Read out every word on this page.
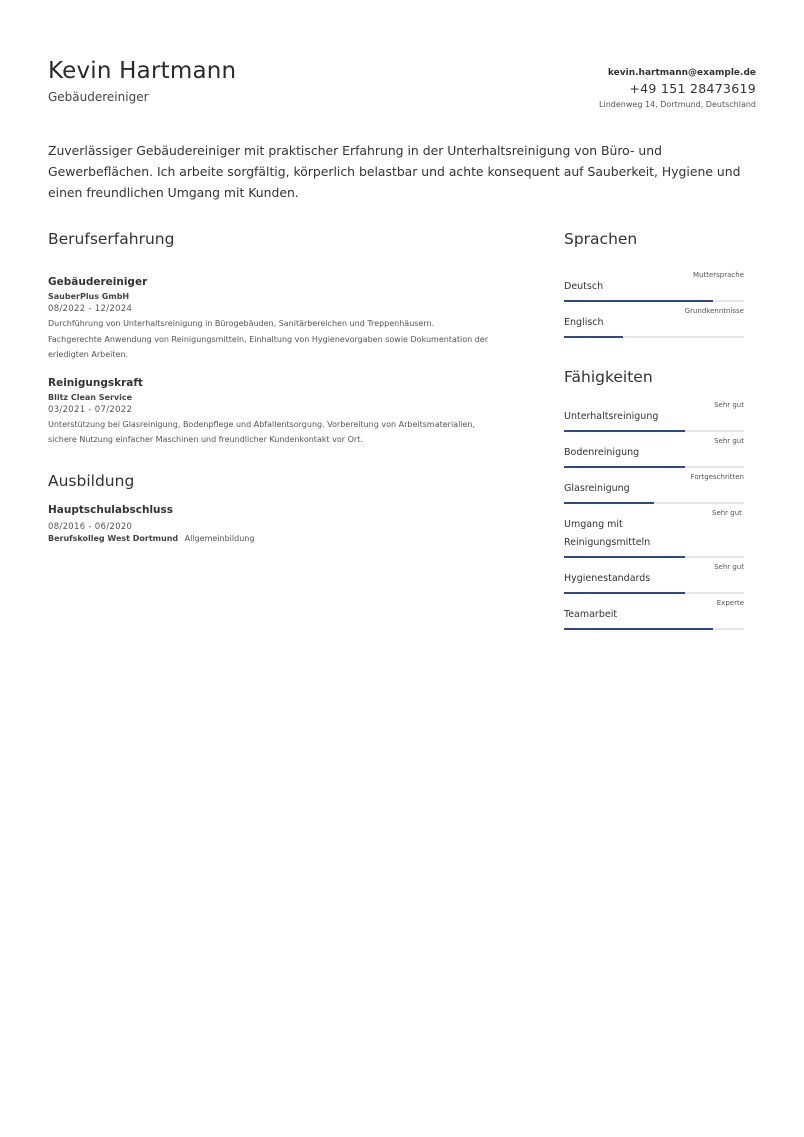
Kevin Hartmann
Gebäudereiniger
kevin.hartmann@example.de
+49 151 28473619
Lindenweg 14, Dortmund, Deutschland
Zuverlässiger Gebäudereiniger mit praktischer Erfahrung in der Unterhaltsreinigung von Büro- und Gewerbeflächen. Ich arbeite sorgfältig, körperlich belastbar und achte konsequent auf Sauberkeit, Hygiene und einen freundlichen Umgang mit Kunden.
Berufserfahrung
Gebäudereiniger
SauberPlus GmbH
08/2022 - 12/2024
Durchführung von Unterhaltsreinigung in Bürogebäuden, Sanitärbereichen und Treppenhäusern.
Fachgerechte Anwendung von Reinigungsmitteln, Einhaltung von Hygienevorgaben sowie Dokumentation der erledigten Arbeiten.
Reinigungskraft
Blitz Clean Service
03/2021 - 07/2022
Unterstützung bei Glasreinigung, Bodenpflege und Abfallentsorgung. Vorbereitung von Arbeitsmaterialien,
sichere Nutzung einfacher Maschinen und freundlicher Kundenkontakt vor Ort.
Ausbildung
Hauptschulabschluss
08/2016 - 06/2020
Berufskolleg West Dortmund Allgemeinbildung
Sprachen
Deutsch
Muttersprache
Englisch
Grundkenntnisse
Fähigkeiten
Unterhaltsreinigung
Sehr gut
Bodenreinigung
Sehr gut
Glasreinigung
Fortgeschritten
Umgang mit Reinigungsmitteln
Sehr gut
Hygienestandards
Sehr gut
Teamarbeit
Experte
